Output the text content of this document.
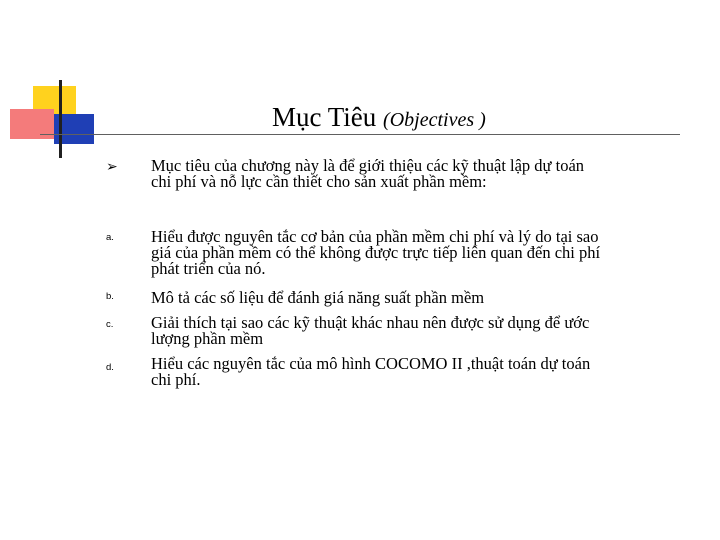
Mục Tiêu (Objectives )
➢ Mục tiêu của chương này là để giới thiệu các kỹ thuật lập dự toán
chi phí và nỗ lực cần thiết cho sản xuất phần mềm:
a. Hiểu được nguyên tắc cơ bản của phần mềm chi phí và lý do tại sao
giá của phần mềm có thể không được trực tiếp liên quan đến chi phí
phát triển của nó.
b. Mô tả các số liệu để đánh giá năng suất phần mềm
c. Giải thích tại sao các kỹ thuật khác nhau nên được sử dụng để ước
lượng phần mềm
d. Hiểu các nguyên tắc của mô hình COCOMO II ,thuật toán dự toán
chi phí.
